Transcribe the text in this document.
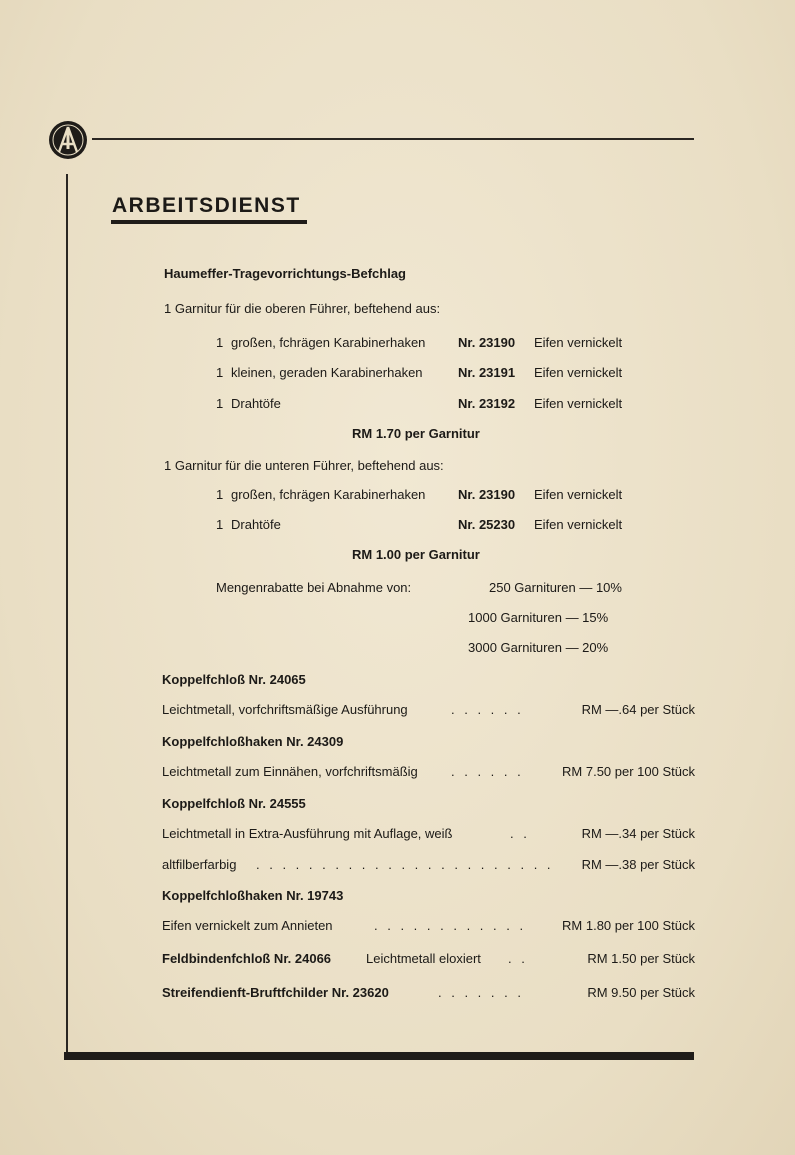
ARBEITSDIENST
Haumeffer-Tragevorrichtungs-Befchlag
1 Garnitur für die oberen Führer, beftehend aus:
1 großen, fchrägen Karabinerhaken	Nr. 23190 Eifen vernickelt
1 kleinen, geraden Karabinerhaken	Nr. 23191 Eifen vernickelt
1 Drahtöfe	Nr. 23192 Eifen vernickelt
RM 1.70 per Garnitur
1 Garnitur für die unteren Führer, beftehend aus:
1 großen, fchrägen Karabinerhaken	Nr. 23190 Eifen vernickelt
1 Drahtöfe	Nr. 25230 Eifen vernickelt
RM 1.00 per Garnitur
Mengenrabatte bei Abnahme von:	250 Garnituren — 10%
1000 Garnituren — 15%
3000 Garnituren — 20%
Koppelfchloß Nr. 24065
Leichtmetall, vorfchriftsmäßige Ausführung	. . . . . .	RM —.64 per Stück
Koppelfchloßhaken Nr. 24309
Leichtmetall zum Einnähen, vorfchriftsmäßig	. . . . . .	RM 7.50 per 100 Stück
Koppelfchloß Nr. 24555
Leichtmetall in Extra-Ausführung mit Auflage, weiß	. .	RM —.34 per Stück
altfilberfarbig . . . . . . . . . . . . . . . . . . . . . . . RM —.38 per Stück
Koppelfchloßhaken Nr. 19743
Eifen vernickelt zum Annieten	. . . . . . . . . . . .	RM 1.80 per 100 Stück
Feldbindenfchloß Nr. 24066	Leichtmetall eloxiert . .	RM 1.50 per Stück
Streifendienft-Bruftfchilder Nr. 23620	. . . . . . .	RM 9.50 per Stück
